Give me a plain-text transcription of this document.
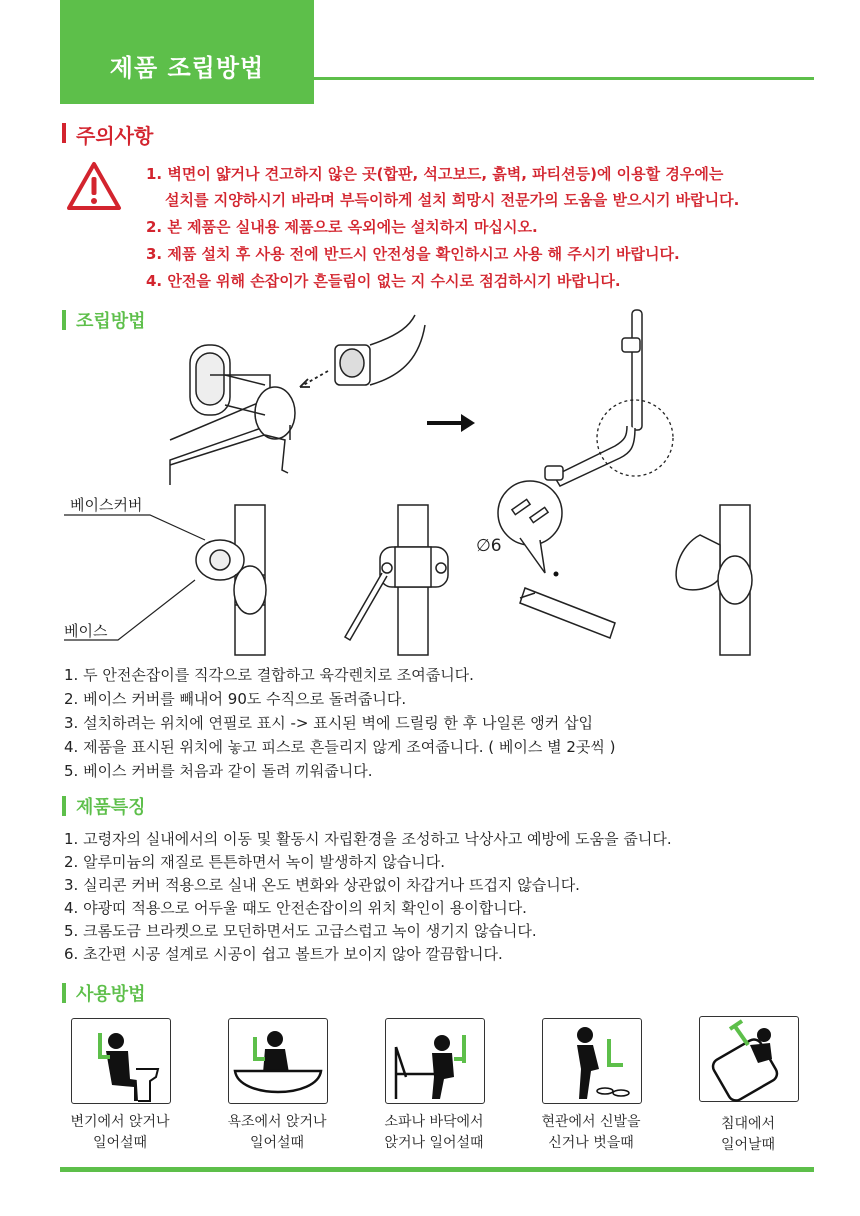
제품 조립방법
주의사항
1. 벽면이 얇거나 견고하지 않은 곳(합판, 석고보드, 흙벽, 파티션등)에 이용할 경우에는
설치를 지양하시기 바라며 부득이하게 설치 희망시 전문가의 도움을 받으시기 바랍니다.
2. 본 제품은 실내용 제품으로 옥외에는 설치하지 마십시오.
3. 제품 설치 후 사용 전에 반드시 안전성을 확인하시고 사용 해 주시기 바랍니다.
4. 안전을 위해 손잡이가 흔들림이 없는 지 수시로 점검하시기 바랍니다.
조립방법
베이스커버
베이스
∅6
1. 두 안전손잡이를 직각으로 결합하고 육각렌치로 조여줍니다.
2. 베이스 커버를 빼내어 90도 수직으로 돌려줍니다.
3. 설치하려는 위치에 연필로 표시 -> 표시된 벽에 드릴링 한 후 나일론 앵커 삽입
4. 제품을 표시된 위치에 놓고 피스로 흔들리지 않게 조여줍니다. ( 베이스 별 2곳씩 )
5. 베이스 커버를 처음과 같이 돌려 끼워줍니다.
제품특징
1. 고령자의 실내에서의 이동 및 활동시 자립환경을 조성하고 낙상사고 예방에 도움을 줍니다.
2. 알루미늄의 재질로 튼튼하면서 녹이 발생하지 않습니다.
3. 실리콘 커버 적용으로 실내 온도 변화와 상관없이 차갑거나 뜨겁지 않습니다.
4. 야광띠 적용으로 어두울 때도 안전손잡이의 위치 확인이 용이합니다.
5. 크롬도금 브라켓으로 모던하면서도 고급스럽고 녹이 생기지 않습니다.
6. 초간편 시공 설계로 시공이 쉽고 볼트가 보이지 않아 깔끔합니다.
사용방법
변기에서 앉거나
일어설때
욕조에서 앉거나
일어설때
소파나 바닥에서
앉거나 일어설때
현관에서 신발을
신거나 벗을때
침대에서
일어날때
